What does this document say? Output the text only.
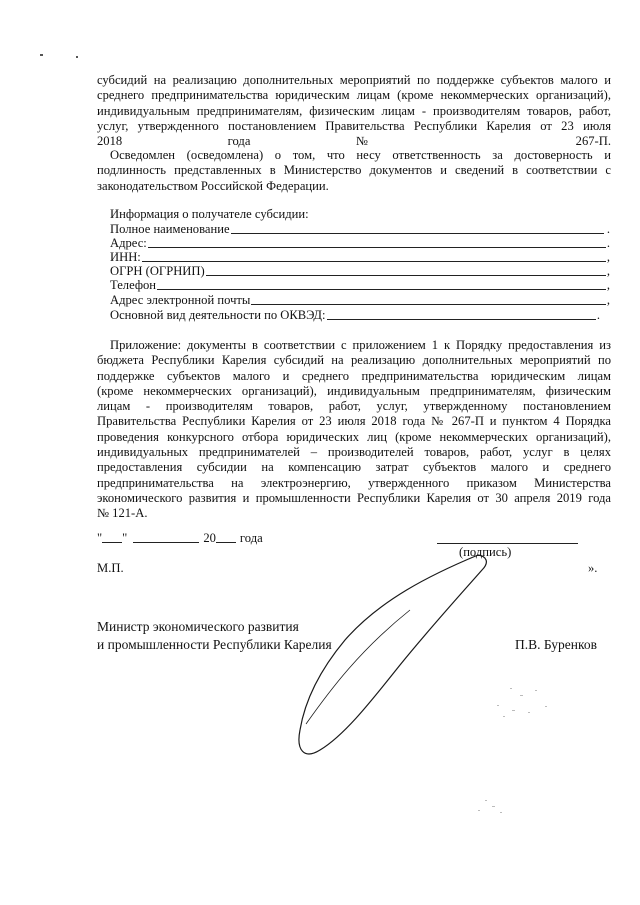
субсидий на реализацию дополнительных мероприятий по поддержке субъектов малого и
среднего предпринимательства юридическим лицам (кроме некоммерческих организаций),
индивидуальным предпринимателям, физическим лицам - производителям товаров, работ,
услуг, утвержденного постановлением Правительства Республики Карелия от 23 июля
2018 года № 267-П.
Осведомлен (осведомлена) о том, что несу ответственность за достоверность и
подлинность представленных в Министерство документов и сведений в соответствии с
законодательством Российской Федерации.
Информация о получателе субсидии:
Полное наименование	.
Адрес:	.
ИНН:	,
ОГРН (ОГРНИП)	,
Телефон	,
Адрес электронной почты	,
Основной вид деятельности по ОКВЭД:	.
Приложение: документы в соответствии с приложением 1 к Порядку предоставления из
бюджета Республики Карелия субсидий на реализацию дополнительных мероприятий по
поддержке субъектов малого и среднего предпринимательства юридическим лицам
(кроме некоммерческих организаций), индивидуальным предпринимателям, физическим
лицам - производителям товаров, работ, услуг, утвержденному постановлением
Правительства Республики Карелия от 23 июля 2018 года № 267-П и пунктом 4 Порядка
проведения конкурсного отбора юридических лиц (кроме некоммерческих организаций),
индивидуальных предпринимателей – производителей товаров, работ, услуг в целях
предоставления субсидии на компенсацию затрат субъектов малого и среднего
предпринимательства на электроэнергию, утвержденного приказом Министерства
экономического развития и промышленности Республики Карелия от 30 апреля 2019 года
№ 121-А.
" "	20 года
(подпись)
М.П.	».
Министр экономического развития
и промышленности Республики Карелия	П.В. Буренков
